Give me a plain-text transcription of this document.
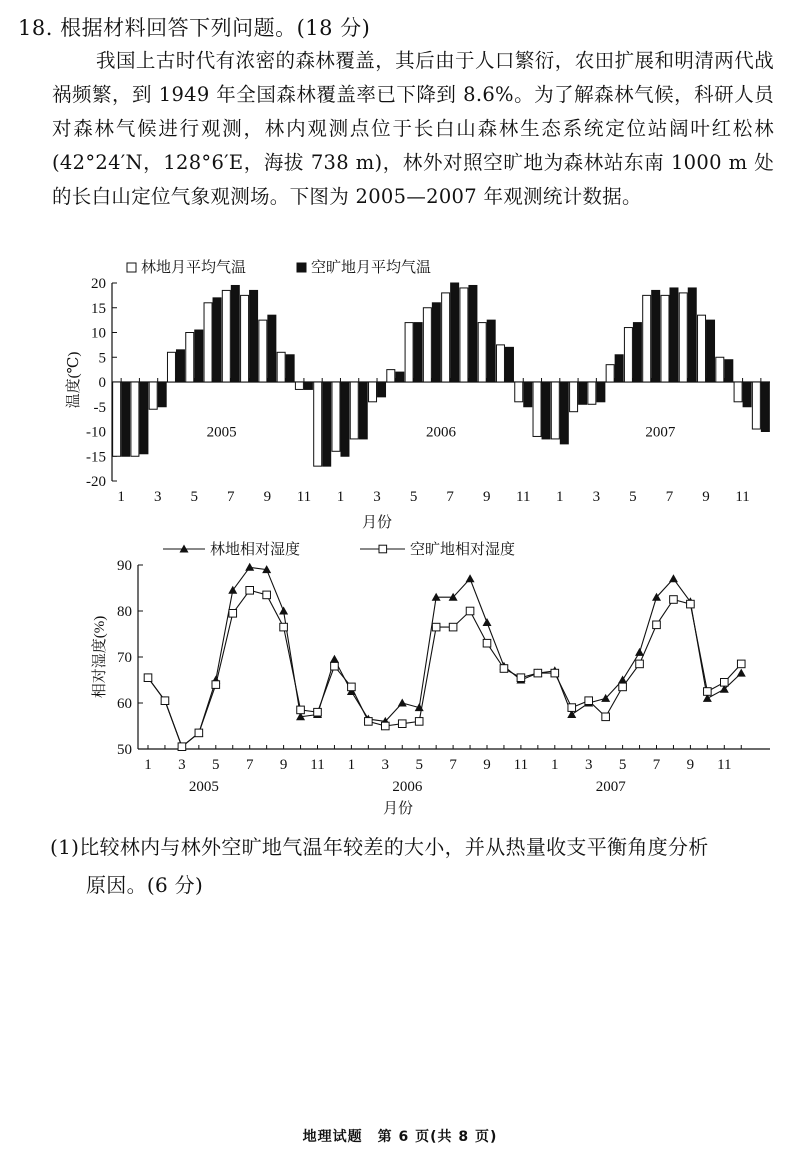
18. 根据材料回答下列问题。(18 分)

我国上古时代有浓密的森林覆盖，其后由于人口繁衍，农田扩展和明清两代战祸频繁，到 1949 年全国森林覆盖率已下降到 8.6%。为了解森林气候，科研人员对森林气候进行观测，林内观测点位于长白山森林生态系统定位站阔叶红松林(42°24′N，128°6′E，海拔 738 m)，林外对照空旷地为森林站东南 1000 m 处的长白山定位气象观测场。下图为 2005—2007 年观测统计数据。

-20
-15
-10
-5
0
5
10
15
20
1 3 5 7 9 11 1 3 5 7 9 11 1 3 5 7 9 11
2005	2006	2007
月份
温度(℃)
林地月平均气温	空旷地月平均气温
50
60
70
80
90
1 3 5 7 9 11 1 3 5 7 9 11 1 3 5 7 9 11
2005	2006	2007
月份
相对湿度(%)
林地相对湿度	空旷地相对湿度

(1)比较林内与林外空旷地气温年较差的大小，并从热量收支平衡角度分析
原因。(6 分)

地理试题　第 6 页(共 8 页)
